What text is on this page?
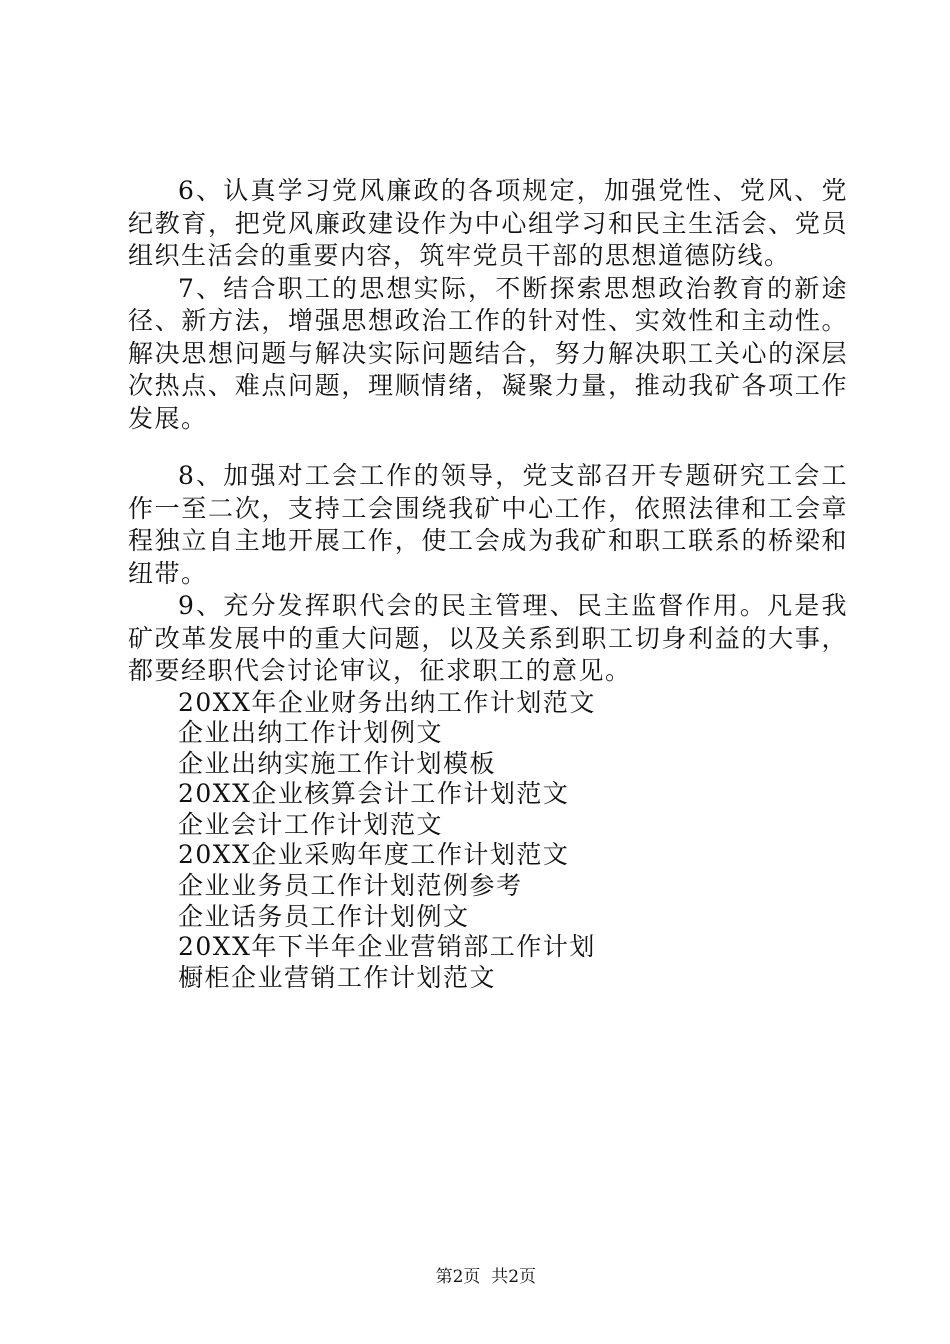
6、认真学习党风廉政的各项规定，加强党性、党风、党纪教育，把党风廉政建设作为中心组学习和民主生活会、党员组织生活会的重要内容，筑牢党员干部的思想道德防线。

7、结合职工的思想实际，不断探索思想政治教育的新途径、新方法，增强思想政治工作的针对性、实效性和主动性。解决思想问题与解决实际问题结合，努力解决职工关心的深层次热点、难点问题，理顺情绪，凝聚力量，推动我矿各项工作发展。

8、加强对工会工作的领导，党支部召开专题研究工会工作一至二次，支持工会围绕我矿中心工作，依照法律和工会章程独立自主地开展工作，使工会成为我矿和职工联系的桥梁和纽带。

9、充分发挥职代会的民主管理、民主监督作用。凡是我矿改革发展中的重大问题，以及关系到职工切身利益的大事，都要经职代会讨论审议，征求职工的意见。

20XX年企业财务出纳工作计划范文
企业出纳工作计划例文
企业出纳实施工作计划模板
20XX企业核算会计工作计划范文
企业会计工作计划范文
20XX企业采购年度工作计划范文
企业业务员工作计划范例参考
企业话务员工作计划例文
20XX年下半年企业营销部工作计划
橱柜企业营销工作计划范文

第2页  共2页
